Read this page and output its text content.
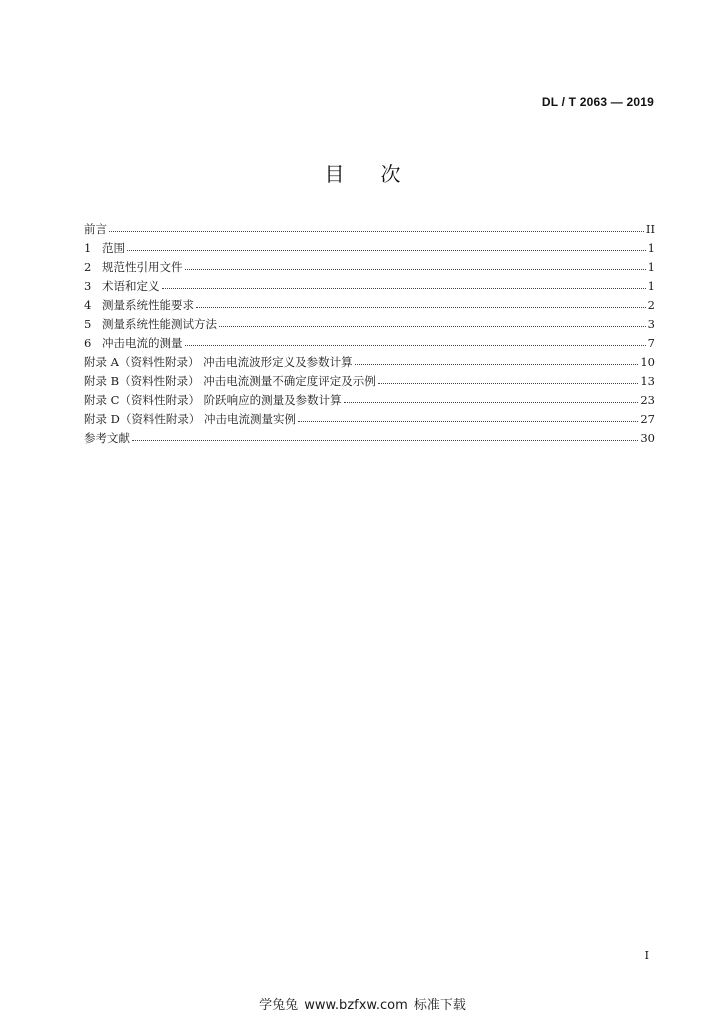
DL / T 2063 — 2019
目次
前言	II
1 范围	1
2 规范性引用文件	1
3 术语和定义	1
4 测量系统性能要求	2
5 测量系统性能测试方法	3
6 冲击电流的测量	7
附录 A（资料性附录） 冲击电流波形定义及参数计算	10
附录 B（资料性附录） 冲击电流测量不确定度评定及示例	13
附录 C（资料性附录） 阶跃响应的测量及参数计算	23
附录 D（资料性附录） 冲击电流测量实例	27
参考文献	30
I
学兔兔 www.bzfxw.com 标准下载
